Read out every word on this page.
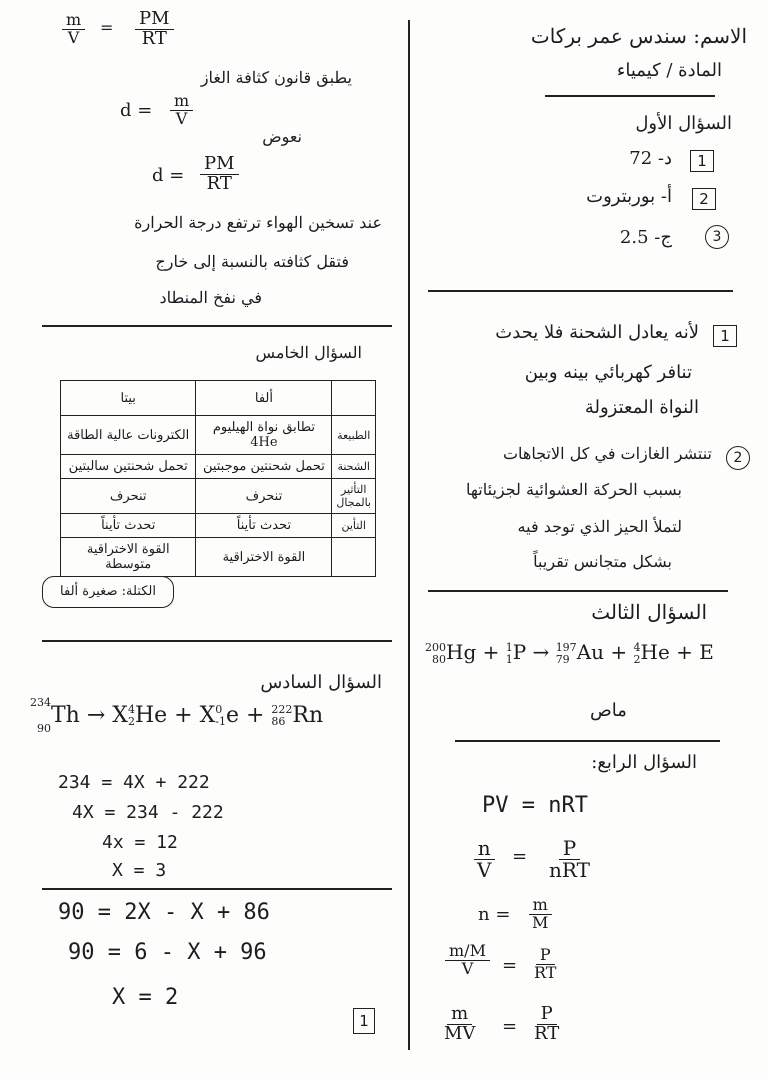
الاسم: سندس عمر بركات
المادة / كيمياء
السؤال الأول
1
د- 72
2
أ- بوربتروت
3
ج- 2.5
1
لأنه يعادل الشحنة فلا يحدث
تنافر كهربائي بينه وبين
النواة المعتزولة
2
تنتشر الغازات في كل الاتجاهات
بسبب الحركة العشوائية لجزيئاتها
لتملأ الحيز الذي توجد فيه
بشكل متجانس تقريباً
السؤال الثالث
200
80Hg + 1
1P → 197
79 Au + 4
2He + E
ماص
السؤال الرابع:
PV = nRT
$\frac{n}{V} = P$
nRT
$n = \frac{m}{M}$
$\frac{m/M}{V} = \frac{P}{RT}$
$\frac{m}{MV} = \frac{P}{RT}$
$\frac{m}{V} = \frac{PM}{RT}$
يطبق قانون كثافة الغاز
$d = \frac{m}{V}$
نعوض
$d = \frac{PM}{RT}$
عند تسخين الهواء ترتفع درجة الحرارة
فتقل كثافته بالنسبة إلى خارج
في نفخ المنطاد
السؤال الخامس
	ألفا	بيتا
الطبيعة	تطابق نواة الهيليوم 4He	الكترونات عالية الطاقة
الشحنة	تحمل شحنتين موجبتين	تحمل شحنتين سالبتين
التأثير بالمجال	تنحرف	تنحرف
التأين	تحدث تأيناً	تحدث تأيناً
	القوة الاختراقية	القوة الاختراقية متوسطة
الكتلة: صغيرة ألفا
السؤال السادس
234
90Th → X4
2He + X0
-1e + 222
86 Rn
234 = 4X + 222
4X = 234 - 222
4x = 12
X = 3
90 = 2X - X + 86
90 = 6 - X + 96
X = 2
1
